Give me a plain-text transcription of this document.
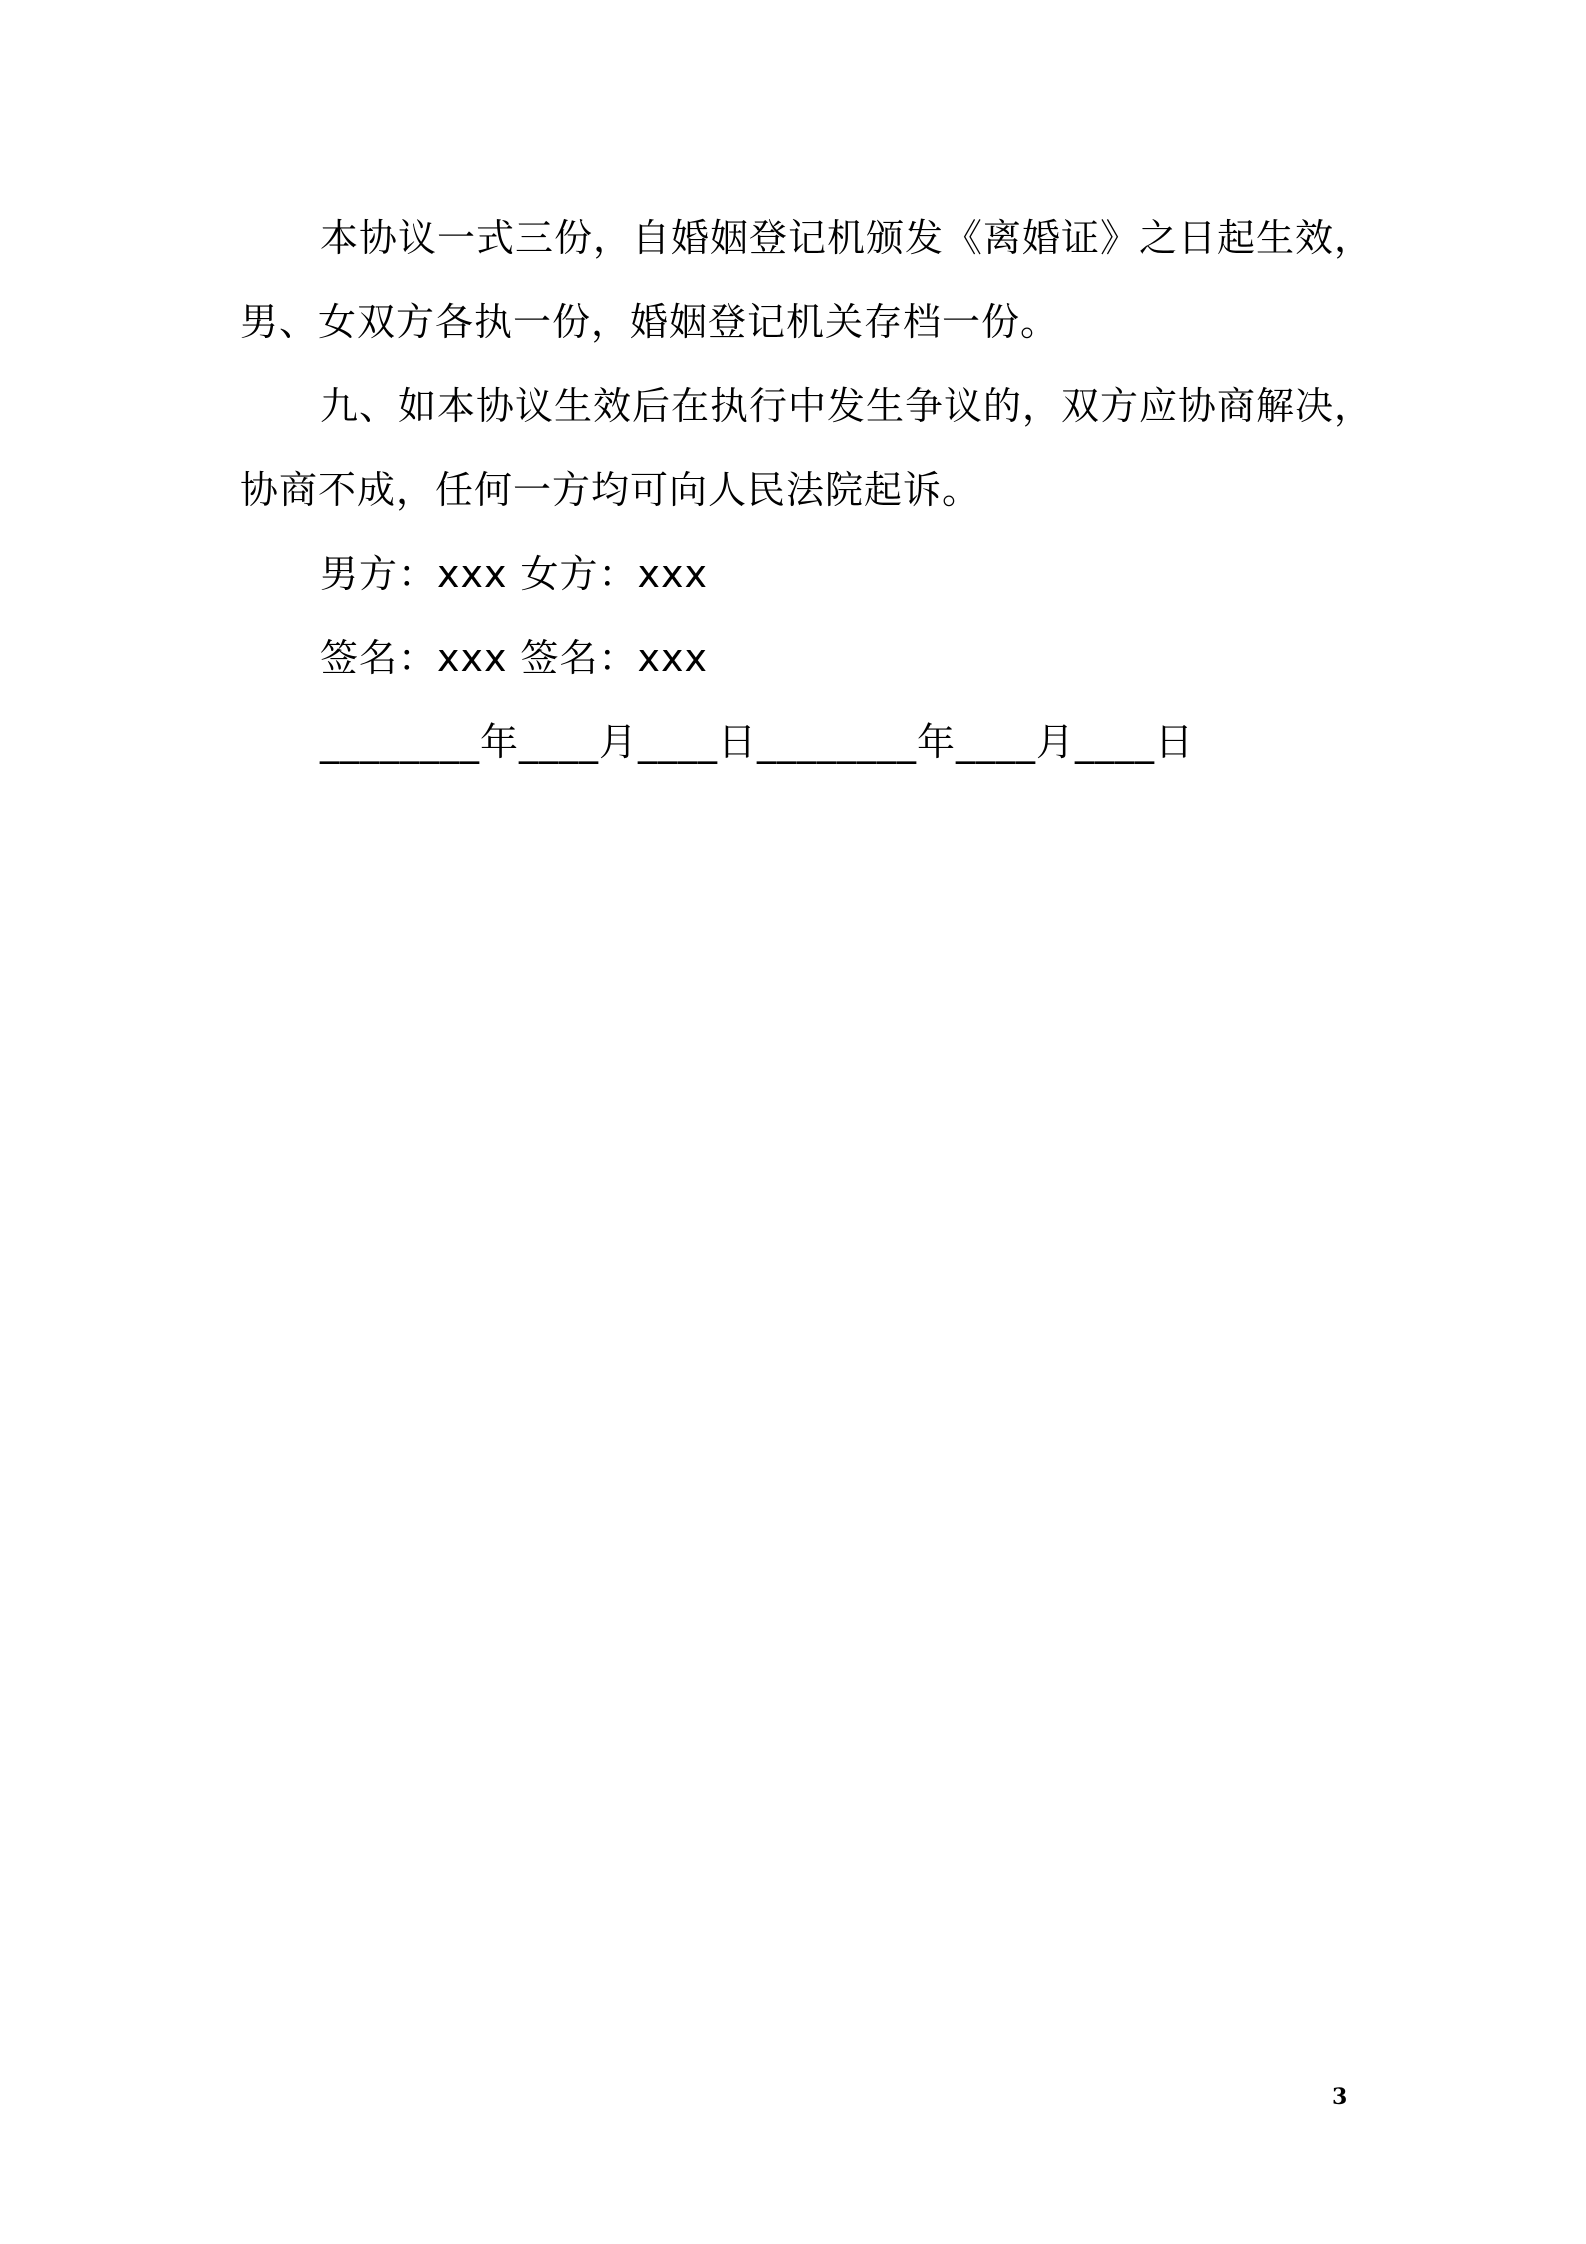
本协议一式三份，自婚姻登记机颁发《离婚证》之日起生效，
男、女双方各执一份，婚姻登记机关存档一份。
九、如本协议生效后在执行中发生争议的，双方应协商解决，
协商不成，任何一方均可向人民法院起诉。
男方：xxx 女方：xxx
签名：xxx 签名：xxx
________年____月____日________年____月____日
3
